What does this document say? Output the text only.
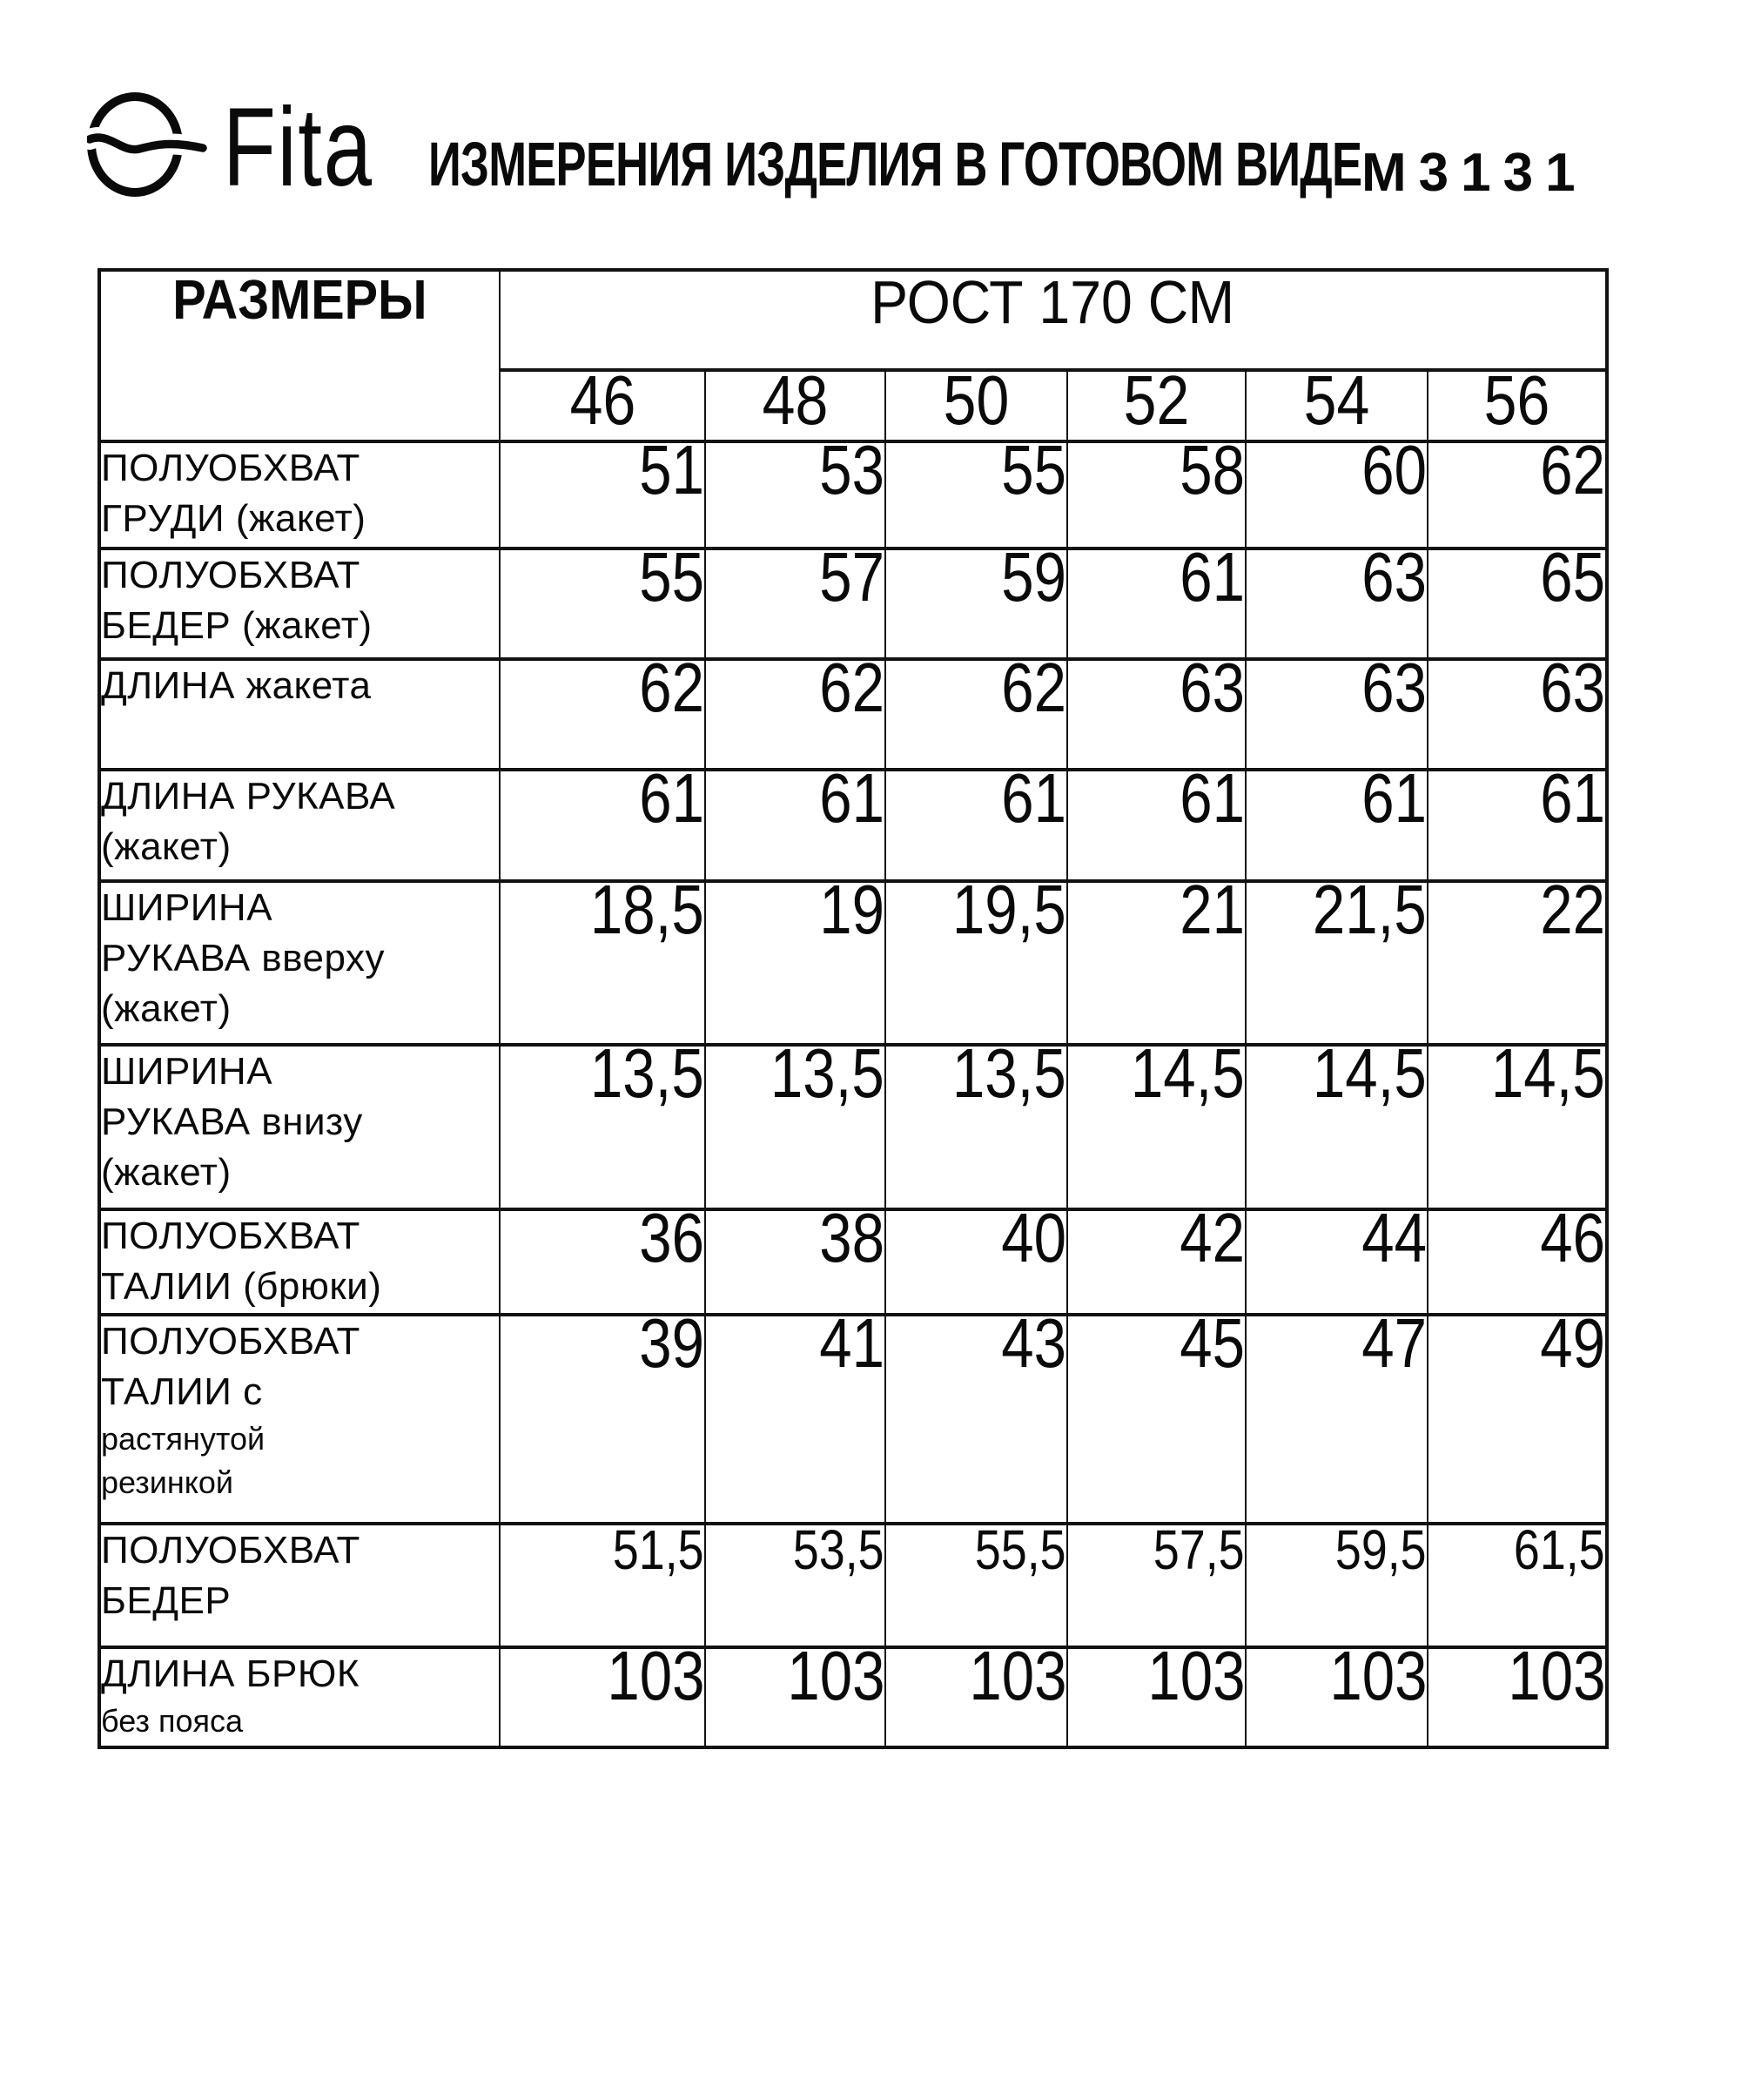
Fita ИЗМЕРЕНИЯ ИЗДЕЛИЯ В ГОТОВОМ ВИДЕ М3131
РАЗМЕРЫ	РОСТ 170 СМ					
	46	48	50	52	54	56

ПОЛУОБХВАТ
ГРУДИ (жакет)	51	53	55	58	60	62

ПОЛУОБХВАТ
БЕДЕР (жакет)	55	57	59	61	63	65

ДЛИНА жакета	62	62	62	63	63	63

ДЛИНА РУКАВА
(жакет)	61	61	61	61	61	61

ШИРИНА
РУКАВА вверху
(жакет)	18,5	19	19,5	21	21,5	22

ШИРИНА
РУКАВА внизу
(жакет)	13,5	13,5	13,5	14,5	14,5	14,5

ПОЛУОБХВАТ
ТАЛИИ (брюки)	36	38	40	42	44	46

ПОЛУОБХВАТ
ТАЛИИ с
растянутой
резинкой	39	41	43	45	47	49

ПОЛУОБХВАТ
БЕДЕР	51,5	53,5	55,5	57,5	59,5	61,5

ДЛИНА БРЮК
без пояса	103	103	103	103	103	103
